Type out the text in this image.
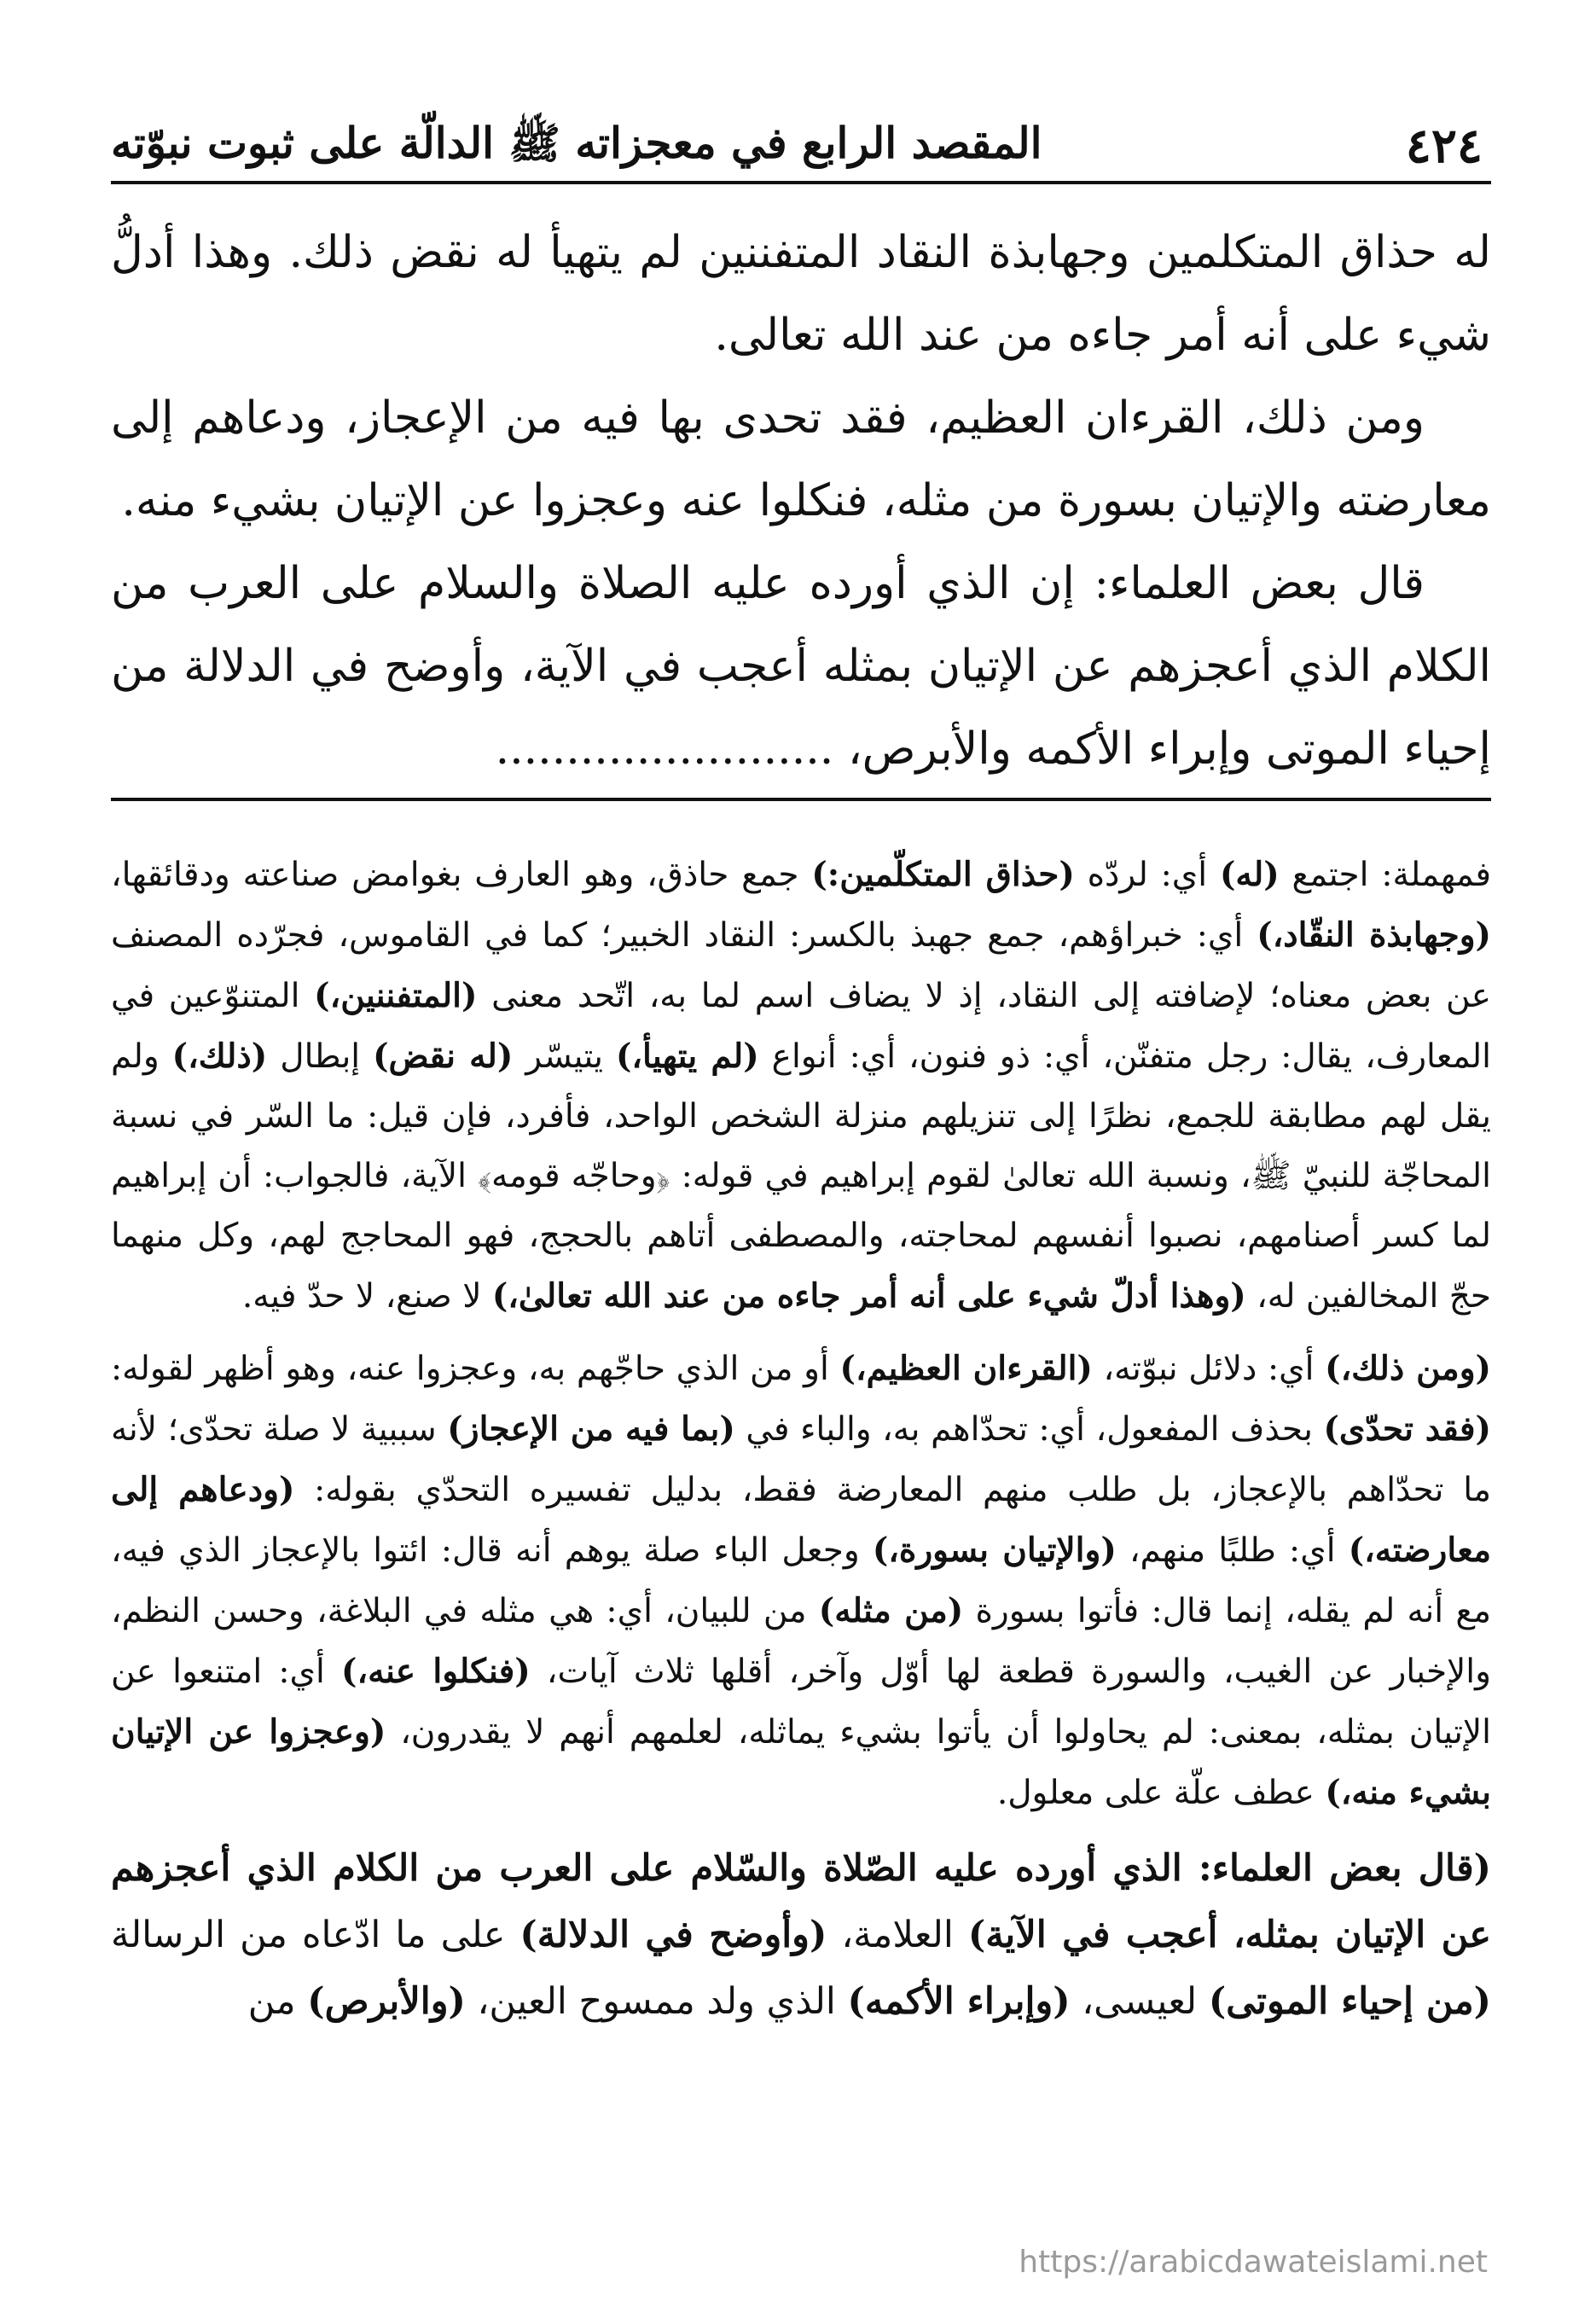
٤٢٤
المقصد الرابع في معجزاته ﷺ الدالّة على ثبوت نبوّته

له حذاق المتكلمين وجهابذة النقاد المتفننين لم يتهيأ له نقض ذلك. وهذا أدلُّ شيء على أنه أمر جاءه من عند الله تعالى.

ومن ذلك، القرءان العظيم، فقد تحدى بها فيه من الإعجاز، ودعاهم إلى معارضته والإتيان بسورة من مثله، فنكلوا عنه وعجزوا عن الإتيان بشيء منه.

قال بعض العلماء: إن الذي أورده عليه الصلاة والسلام على العرب من الكلام الذي أعجزهم عن الإتيان بمثله أعجب في الآية، وأوضح في الدلالة من إحياء الموتى وإبراء الأكمه والأبرص، ........................

فمهملة: اجتمع (له) أي: لردّه (حذاق المتكلّمين:) جمع حاذق، وهو العارف بغوامض صناعته ودقائقها، (وجهابذة النقّاد،) أي: خبراؤهم، جمع جهبذ بالكسر: النقاد الخبير؛ كما في القاموس، فجرّده المصنف عن بعض معناه؛ لإضافته إلى النقاد، إذ لا يضاف اسم لما به، اتّحد معنى (المتفننين،) المتنوّعين في المعارف، يقال: رجل متفنّن، أي: ذو فنون، أي: أنواع (لم يتهيأ،) يتيسّر (له نقض) إبطال (ذلك،) ولم يقل لهم مطابقة للجمع، نظرًا إلى تنزيلهم منزلة الشخص الواحد، فأفرد، فإن قيل: ما السّر في نسبة المحاجّة للنبيّ ﷺ، ونسبة الله تعالىٰ لقوم إبراهيم في قوله: ﴿وحاجّه قومه﴾ الآية، فالجواب: أن إبراهيم لما كسر أصنامهم، نصبوا أنفسهم لمحاجته، والمصطفى أتاهم بالحجج، فهو المحاجج لهم، وكل منهما حجّ المخالفين له، (وهذا أدلّ شيء على أنه أمر جاءه من عند الله تعالىٰ،) لا صنع، لا حدّ فيه.

(ومن ذلك،) أي: دلائل نبوّته، (القرءان العظيم،) أو من الذي حاجّهم به، وعجزوا عنه، وهو أظهر لقوله: (فقد تحدّى) بحذف المفعول، أي: تحدّاهم به، والباء في (بما فيه من الإعجاز) سببية لا صلة تحدّى؛ لأنه ما تحدّاهم بالإعجاز، بل طلب منهم المعارضة فقط، بدليل تفسيره التحدّي بقوله: (ودعاهم إلى معارضته،) أي: طلبًا منهم، (والإتيان بسورة،) وجعل الباء صلة يوهم أنه قال: ائتوا بالإعجاز الذي فيه، مع أنه لم يقله، إنما قال: فأتوا بسورة (من مثله) من للبيان، أي: هي مثله في البلاغة، وحسن النظم، والإخبار عن الغيب، والسورة قطعة لها أوّل وآخر، أقلها ثلاث آيات، (فنكلوا عنه،) أي: امتنعوا عن الإتيان بمثله، بمعنى: لم يحاولوا أن يأتوا بشيء يماثله، لعلمهم أنهم لا يقدرون، (وعجزوا عن الإتيان بشيء منه،) عطف علّة على معلول.

(قال بعض العلماء: الذي أورده عليه الصّلاة والسّلام على العرب من الكلام الذي أعجزهم عن الإتيان بمثله، أعجب في الآية) العلامة، (وأوضح في الدلالة) على ما ادّعاه من الرسالة (من إحياء الموتى) لعيسى، (وإبراء الأكمه) الذي ولد ممسوح العين، (والأبرص) من

https://arabicdawateislami.net
